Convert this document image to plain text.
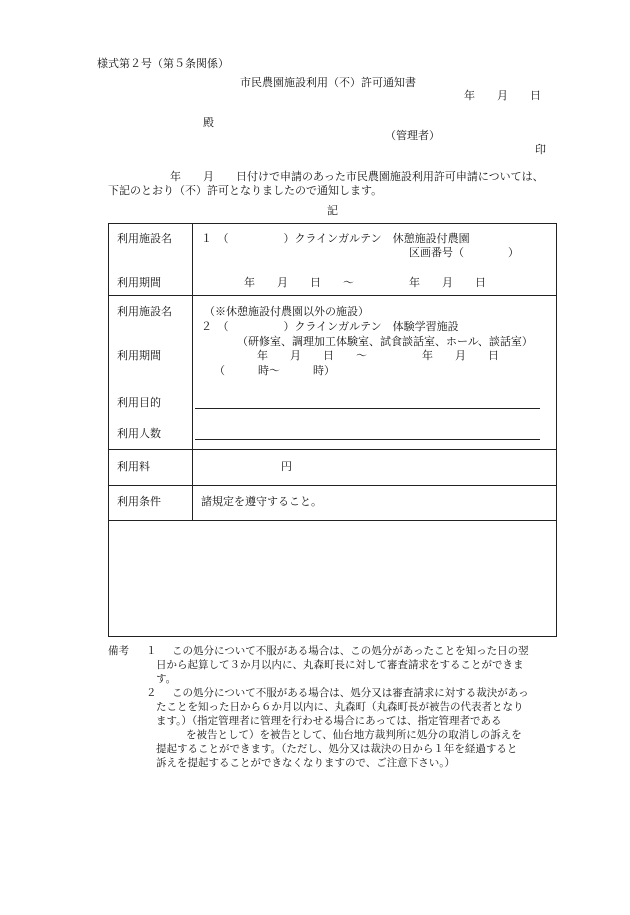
様式第２号（第５条関係）
市民農園施設利用（不）許可通知書
年　　月　　日
殿
（管理者）
印
年　　月　　日付けで申請のあった市民農園施設利用許可申請については、
下記のとおり（不）許可となりましたので通知します。
記
利用施設名	１　（　　　　　）クラインガルテン　休憩施設付農園
区画番号（　　　　）
利用期間	年　　月　　日　　～　　　　　年　　月　　日
利用施設名	（※休憩施設付農園以外の施設）
２　（　　　　　）クラインガルテン　体験学習施設
（研修室、調理加工体験室、試食談話室、ホール、談話室）
利用期間	年　　月　　日　　～　　　　　年　　月　　日
（　　　時～　　　時）
利用目的
利用人数
利用料	円
利用条件	諸規定を遵守すること。
備考 １ この処分について不服がある場合は、この処分があったことを知った日の翌
日から起算して３か月以内に、丸森町長に対して審査請求をすることができま
す。
２ この処分について不服がある場合は、処分又は審査請求に対する裁決があっ
たことを知った日から６か月以内に、丸森町（丸森町長が被告の代表者となり
ます。）（指定管理者に管理を行わせる場合にあっては、指定管理者である
を被告として）を被告として、仙台地方裁判所に処分の取消しの訴えを
提起することができます。（ただし、処分又は裁決の日から１年を経過すると
訴えを提起することができなくなりますので、ご注意下さい。）
